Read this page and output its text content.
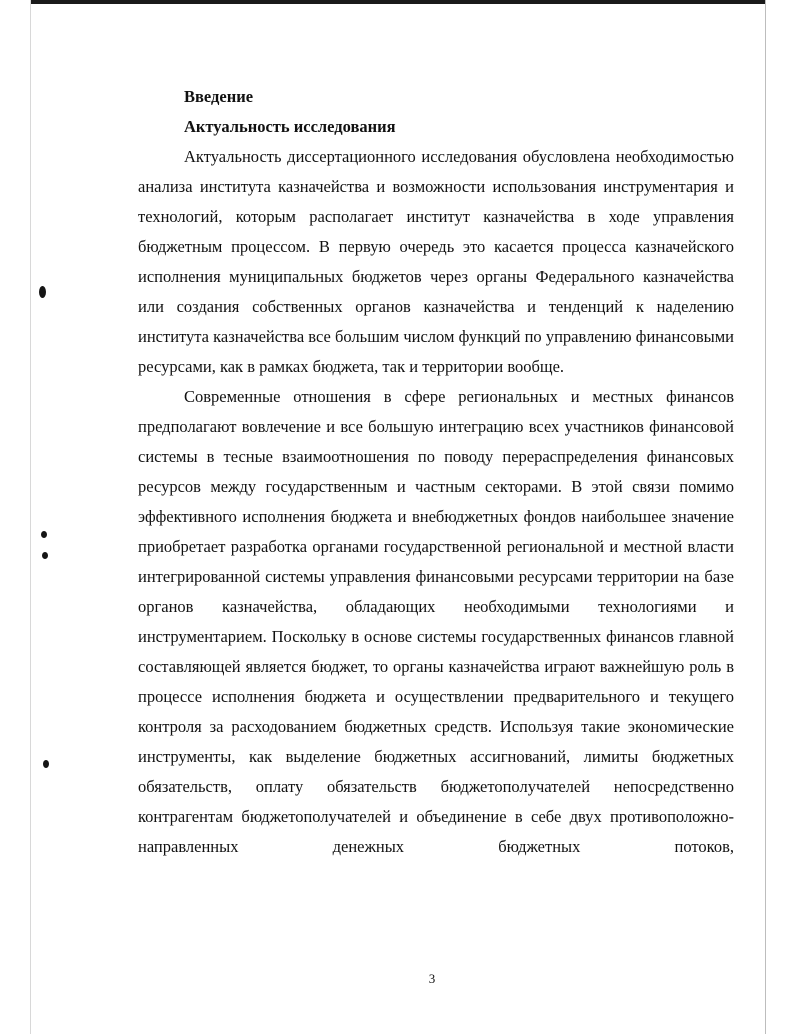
Введение

Актуальность исследования

Актуальность диссертационного исследования обусловлена необходимостью анализа института казначейства и возможности использования инструментария и технологий, которым располагает институт казначейства в ходе управления бюджетным процессом. В первую очередь это касается процесса казначейского исполнения муниципальных бюджетов через органы Федерального казначейства или создания собственных органов казначейства и тенденций к наделению института казначейства все большим числом функций по управлению финансовыми ресурсами, как в рамках бюджета, так и территории вообще.

Современные отношения в сфере региональных и местных финансов предполагают вовлечение и все большую интеграцию всех участников финансовой системы в тесные взаимоотношения по поводу перераспределения финансовых ресурсов между государственным и частным секторами. В этой связи помимо эффективного исполнения бюджета и внебюджетных фондов наибольшее значение приобретает разработка органами государственной региональной и местной власти интегрированной системы управления финансовыми ресурсами территории на базе органов казначейства, обладающих необходимыми технологиями и инструментарием. Поскольку в основе системы государственных финансов главной составляющей является бюджет, то органы казначейства играют важнейшую роль в процессе исполнения бюджета и осуществлении предварительного и текущего контроля за расходованием бюджетных средств. Используя такие экономические инструменты, как выделение бюджетных ассигнований, лимиты бюджетных обязательств, оплату обязательств бюджетополучателей непосредственно контрагентам бюджетополучателей и объединение в себе двух противоположно-направленных денежных бюджетных потоков,

3
